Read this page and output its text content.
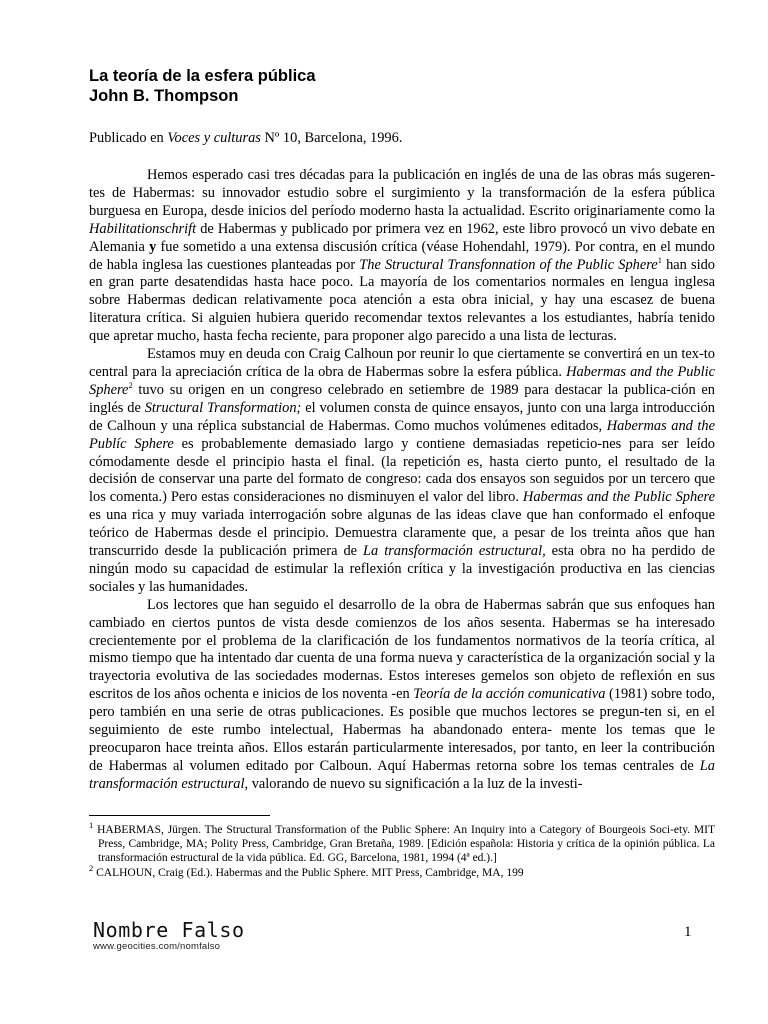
La teoría de la esfera pública
John B. Thompson
Publicado en Voces y culturas Nº 10, Barcelona, 1996.

Hemos esperado casi tres décadas para la publicación en inglés de una de las obras más sugeren-tes de Habermas: su innovador estudio sobre el surgimiento y la transformación de la esfera pública burguesa en Europa, desde inicios del período moderno hasta la actualidad. Escrito originariamente como la Habilitationschrift de Habermas y publicado por primera vez en 1962, este libro provocó un vivo debate en Alemania y fue sometido a una extensa discusión crítica (véase Hohendahl, 1979). Por contra, en el mundo de habla inglesa las cuestiones planteadas por The Structural Transfonnation of the Public Sphere$^1$ han sido en gran parte desatendidas hasta hace poco. La mayoría de los comentarios normales en lengua inglesa sobre Habermas dedican relativamente poca atención a esta obra inicial, y hay una escasez de buena literatura crítica. Si alguien hubiera querido recomendar textos relevantes a los estudiantes, habría tenido que apretar mucho, hasta fecha reciente, para proponer algo parecido a una lista de lecturas.

Estamos muy en deuda con Craig Calhoun por reunir lo que ciertamente se convertirá en un tex-to central para la apreciación crítica de la obra de Habermas sobre la esfera pública. Habermas and the Public Sphere$^2$ tuvo su origen en un congreso celebrado en setiembre de 1989 para destacar la publica-ción en inglés de Structural Transformation; el volumen consta de quince ensayos, junto con una larga introducción de Calhoun y una réplica substancial de Habermas. Como muchos volúmenes editados, Habermas and the Publíc Sphere es probablemente demasiado largo y contiene demasiadas repeticio-nes para ser leído cómodamente desde el principio hasta el final. (la repetición es, hasta cierto punto, el resultado de la decisión de conservar una parte del formato de congreso: cada dos ensayos son seguidos por un tercero que los comenta.) Pero estas consideraciones no disminuyen el valor del libro. Habermas and the Public Sphere es una rica y muy variada interrogación sobre algunas de las ideas clave que han conformado el enfoque teórico de Habermas desde el principio. Demuestra claramente que, a pesar de los treinta años que han transcurrido desde la publicación primera de La transformación estructural, esta obra no ha perdido de ningún modo su capacidad de estimular la reflexión crítica y la investigación productiva en las ciencias sociales y las humanidades.

Los lectores que han seguido el desarrollo de la obra de Habermas sabrán que sus enfoques han cambiado en ciertos puntos de vista desde comienzos de los años sesenta. Habermas se ha interesado crecientemente por el problema de la clarificación de los fundamentos normativos de la teoría crítica, al mismo tiempo que ha intentado dar cuenta de una forma nueva y característica de la organización social y la trayectoria evolutiva de las sociedades modernas. Estos intereses gemelos son objeto de reflexión en sus escritos de los años ochenta e inicios de los noventa -en Teoría de la acción comunicativa (1981) sobre todo, pero también en una serie de otras publicaciones. Es posible que muchos lectores se pregun-ten si, en el seguimiento de este rumbo intelectual, Habermas ha abandonado entera- mente los temas que le preocuparon hace treinta años. Ellos estarán particularmente interesados, por tanto, en leer la contribución de Habermas al volumen editado por Calboun. Aquí Habermas retorna sobre los temas centrales de La transformación estructural, valorando de nuevo su significación a la luz de la investi-

$^1$ HABERMAS, Jürgen. The Structural Transformation of the Public Sphere: An Inquiry into a Category of Bourgeois Soci-ety. MIT Press, Cambridge, MA; Polity Press, Cambridge, Gran Bretaña, 1989. [Edición española: Historia y crítica de la opinión pública. La transformación estructural de la vida pública. Ed. GG, Barcelona, 1981, 1994 (4ª ed.).]
$^2$ CALHOUN, Craig (Ed.). Habermas and the Public Sphere. MIT Press, Cambridge, MA, 199
Nombre Falso
www.geocities.com/nomfalso
1
